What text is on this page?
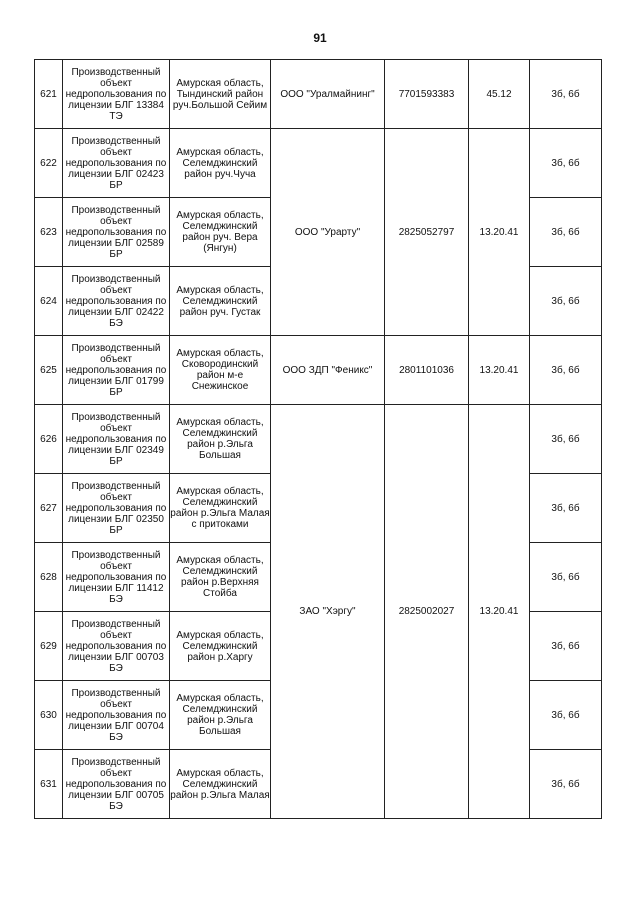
91
621	Производственный объект недропользования по лицензии БЛГ 13384 ТЭ	Амурская область, Тындинский район руч.Большой Сейим	ООО "Уралмайнинг"	7701593383	45.12	3б, 6б
622	Производственный объект недропользования по лицензии БЛГ 02423 БР	Амурская область, Селемджинский район руч.Чуча	ООО "Урарту"	2825052797	13.20.41	3б, 6б
623	Производственный объект недропользования по лицензии БЛГ 02589 БР	Амурская область, Селемджинский район руч. Вера (Янгун)				3б, 6б
624	Производственный объект недропользования по лицензии БЛГ 02422 БЭ	Амурская область, Селемджинский район руч. Густак				3б, 6б
625	Производственный объект недропользования по лицензии БЛГ 01799 БР	Амурская область, Сковородинский район м-е Снежинское	ООО ЗДП "Феникс"	2801101036	13.20.41	3б, 6б
626	Производственный объект недропользования по лицензии БЛГ 02349 БР	Амурская область, Селемджинский район р.Эльга Большая	ЗАО "Хэргу"	2825002027	13.20.41	3б, 6б
627	Производственный объект недропользования по лицензии БЛГ 02350 БР	Амурская область, Селемджинский район р.Эльга Малая с притоками				3б, 6б
628	Производственный объект недропользования по лицензии БЛГ 11412 БЭ	Амурская область, Селемджинский район р.Верхняя Стойба				3б, 6б
629	Производственный объект недропользования по лицензии БЛГ 00703 БЭ	Амурская область, Селемджинский район р.Харгу				3б, 6б
630	Производственный объект недропользования по лицензии БЛГ 00704 БЭ	Амурская область, Селемджинский район р.Эльга Большая				3б, 6б
631	Производственный объект недропользования по лицензии БЛГ 00705 БЭ	Амурская область, Селемджинский район р.Эльга Малая				3б, 6б
